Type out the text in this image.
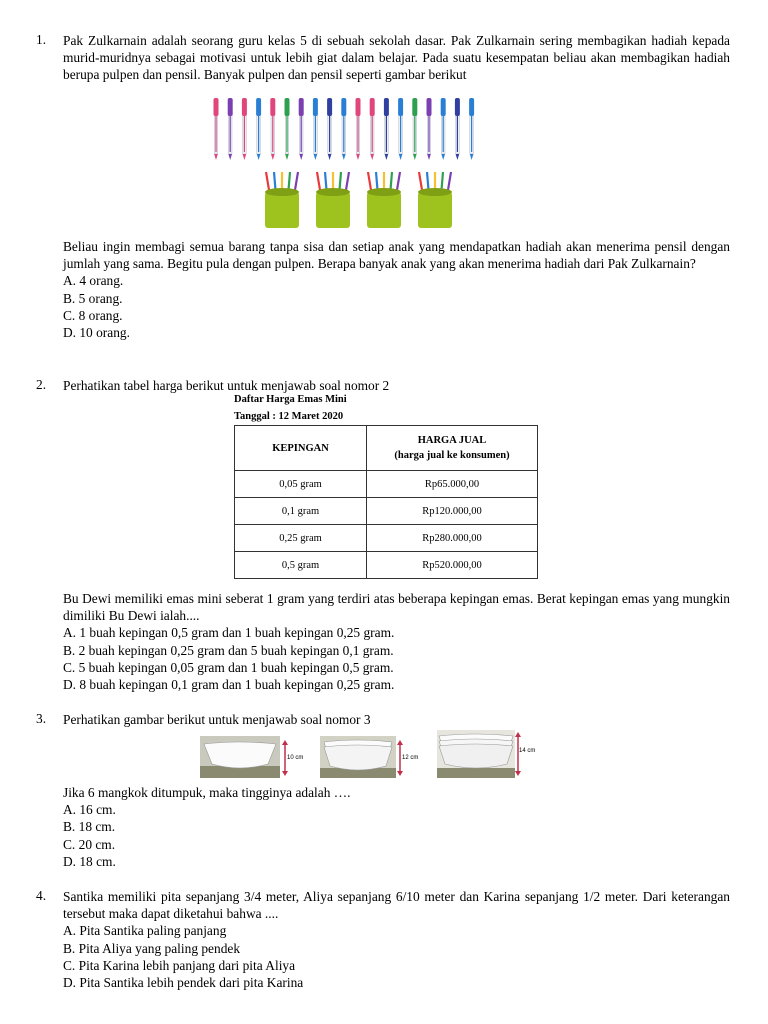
1. Pak Zulkarnain adalah seorang guru kelas 5 di sebuah sekolah dasar. Pak Zulkarnain sering membagikan hadiah kepada murid-muridnya sebagai motivasi untuk lebih giat dalam belajar. Pada suatu kesempatan beliau akan membagikan hadiah berupa pulpen dan pensil. Banyak pulpen dan pensil seperti gambar berikut
Beliau ingin membagi semua barang tanpa sisa dan setiap anak yang mendapatkan hadiah akan menerima pensil dengan jumlah yang sama. Begitu pula dengan pulpen. Berapa banyak anak yang akan menerima hadiah dari Pak Zulkarnain?
A. 4 orang.
B. 5 orang.
C. 8 orang.
D. 10 orang.
2. Perhatikan tabel harga berikut untuk menjawab soal nomor 2
Daftar Harga Emas Mini
Tanggal : 12 Maret 2020
KEPINGAN	HARGA JUAL
(harga jual ke konsumen)

0,05 gram	Rp65.000,00
0,1 gram	Rp120.000,00
0,25 gram	Rp280.000,00
0,5 gram	Rp520.000,00
Bu Dewi memiliki emas mini seberat 1 gram yang terdiri atas beberapa kepingan emas. Berat kepingan emas yang mungkin dimiliki Bu Dewi ialah....
A. 1 buah kepingan 0,5 gram dan 1 buah kepingan 0,25 gram.
B. 2 buah kepingan 0,25 gram dan 5 buah kepingan 0,1 gram.
C. 5 buah kepingan 0,05 gram dan 1 buah kepingan 0,5 gram.
D. 8 buah kepingan 0,1 gram dan 1 buah kepingan 0,25 gram.
3. Perhatikan gambar berikut untuk menjawab soal nomor 3
10 cm	12 cm
14 cm
Jika 6 mangkok ditumpuk, maka tingginya adalah ….
A. 16 cm.
B. 18 cm.
C. 20 cm.
D. 18 cm.
4. Santika memiliki pita sepanjang 3/4 meter, Aliya sepanjang 6/10 meter dan Karina sepanjang 1/2 meter. Dari keterangan tersebut maka dapat diketahui bahwa ....
A. Pita Santika paling panjang
B. Pita Aliya yang paling pendek
C. Pita Karina lebih panjang dari pita Aliya
D. Pita Santika lebih pendek dari pita Karina
